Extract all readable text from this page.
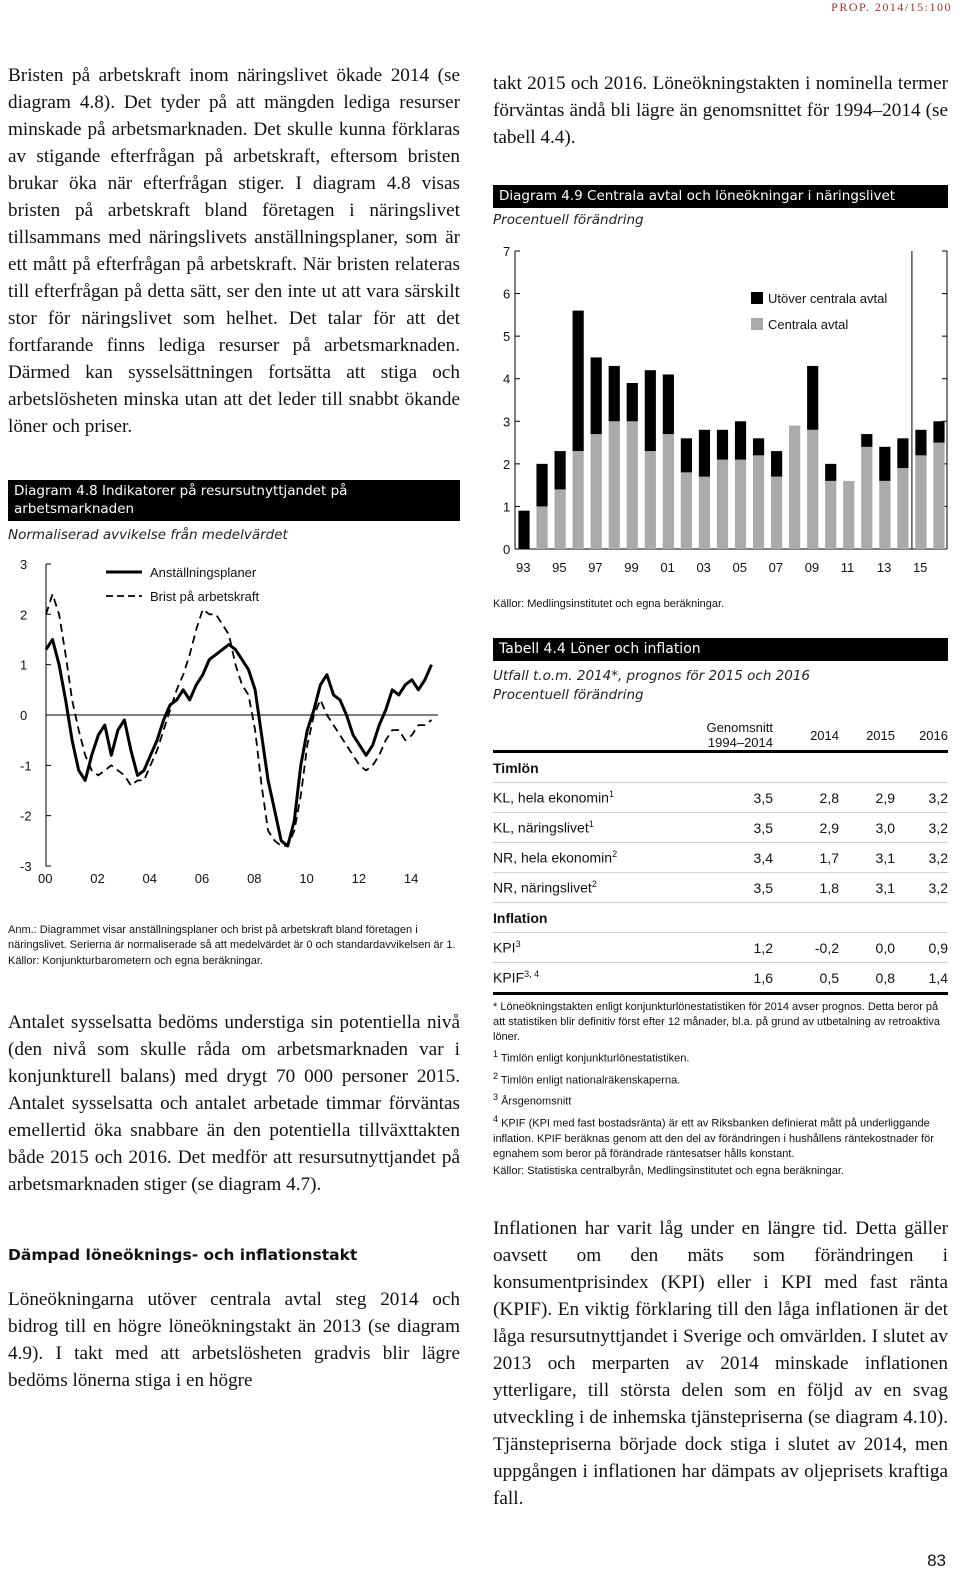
PROP. 2014/15:100

Bristen på arbetskraft inom näringslivet ökade 2014 (se diagram 4.8). Det tyder på att mängden lediga resurser minskade på arbetsmarknaden. Det skulle kunna förklaras av stigande efterfrågan på arbetskraft, eftersom bristen brukar öka när efterfrågan stiger. I diagram 4.8 visas bristen på arbetskraft bland företagen i näringslivet tillsammans med näringslivets anställningsplaner, som är ett mått på efterfrågan på arbetskraft. När bristen relateras till efterfrågan på detta sätt, ser den inte ut att vara särskilt stor för näringslivet som helhet. Det talar för att det fortfarande finns lediga resurser på arbetsmarknaden. Därmed kan sysselsättningen fortsätta att stiga och arbetslösheten minska utan att det leder till snabbt ökande löner och priser.

Diagram 4.8 Indikatorer på resursutnyttjandet på arbetsmarknaden
Normaliserad avvikelse från medelvärdet
3
2
1
0
-1
-2
-3
00	02	04	06	08	10	12	14
Anställningsplaner
Brist på arbetskraft
Anm.: Diagrammet visar anställningsplaner och brist på arbetskraft bland företagen i näringslivet. Serierna är normaliserade så att medelvärdet är 0 och standardavvikelsen är 1.
Källor: Konjunkturbarometern och egna beräkningar.

Antalet sysselsatta bedöms understiga sin potentiella nivå (den nivå som skulle råda om arbetsmarknaden var i konjunkturell balans) med drygt 70 000 personer 2015. Antalet sysselsatta och antalet arbetade timmar förväntas emellertid öka snabbare än den potentiella tillväxttakten både 2015 och 2016. Det medför att resursutnyttjandet på arbetsmarknaden stiger (se diagram 4.7).

Dämpad löneöknings- och inflationstakt

Löneökningarna utöver centrala avtal steg 2014 och bidrog till en högre löneökningstakt än 2013 (se diagram 4.9). I takt med att arbetslösheten gradvis blir lägre bedöms lönerna stiga i en högre

takt 2015 och 2016. Löneökningstakten i nominella termer förväntas ändå bli lägre än genomsnittet för 1994–2014 (se tabell 4.4).

Diagram 4.9 Centrala avtal och löneökningar i näringslivet
Procentuell förändring
7
6
5
4
3
2
1
0
93 95 97 99 01 03 05 07 09 11 13 15
Utöver centrala avtal
Centrala avtal
Källor: Medlingsinstitutet och egna beräkningar.
Tabell 4.4 Löner och inflation
Utfall t.o.m. 2014*, prognos för 2015 och 2016
Procentuell förändring
	Genomsnitt
1994–2014	2014	2015	2016
Timlön				
KL, hela ekonomin$^1$	3,5	2,8	2,9	3,2
KL, näringslivet$^1$	3,5	2,9	3,0	3,2
NR, hela ekonomin$^2$	3,4	1,7	3,1	3,2
NR, näringslivet$^2$	3,5	1,8	3,1	3,2
Inflation				
KPI$^3$	1,2	-0,2	0,0	0,9
KPIF$^{3, 4}$	1,6	0,5	0,8	1,4
* Löneökningstakten enligt konjunkturlönestatistiken för 2014 avser prognos. Detta beror på att statistiken blir definitiv först efter 12 månader, bl.a. på grund av utbetalning av retroaktiva löner.
$^1$ Timlön enligt konjunkturlönestatistiken.
$^2$ Timlön enligt nationalräkenskaperna.
$^3$ Årsgenomsnitt
$^4$ KPIF (KPI med fast bostadsränta) är ett av Riksbanken definierat mått på underliggande inflation. KPIF beräknas genom att den del av förändringen i hushållens räntekostnader för egnahem som beror på förändrade räntesatser hålls konstant.
Källor: Statistiska centralbyrån, Medlingsinstitutet och egna beräkningar.

Inflationen har varit låg under en längre tid. Detta gäller oavsett om den mäts som förändringen i konsumentprisindex (KPI) eller i KPI med fast ränta (KPIF). En viktig förklaring till den låga inflationen är det låga resursutnyttjandet i Sverige och omvärlden. I slutet av 2013 och merparten av 2014 minskade inflationen ytterligare, till största delen som en följd av en svag utveckling i de inhemska tjänstepriserna (se diagram 4.10). Tjänstepriserna började dock stiga i slutet av 2014, men uppgången i inflationen har dämpats av oljeprisets kraftiga fall.

83
